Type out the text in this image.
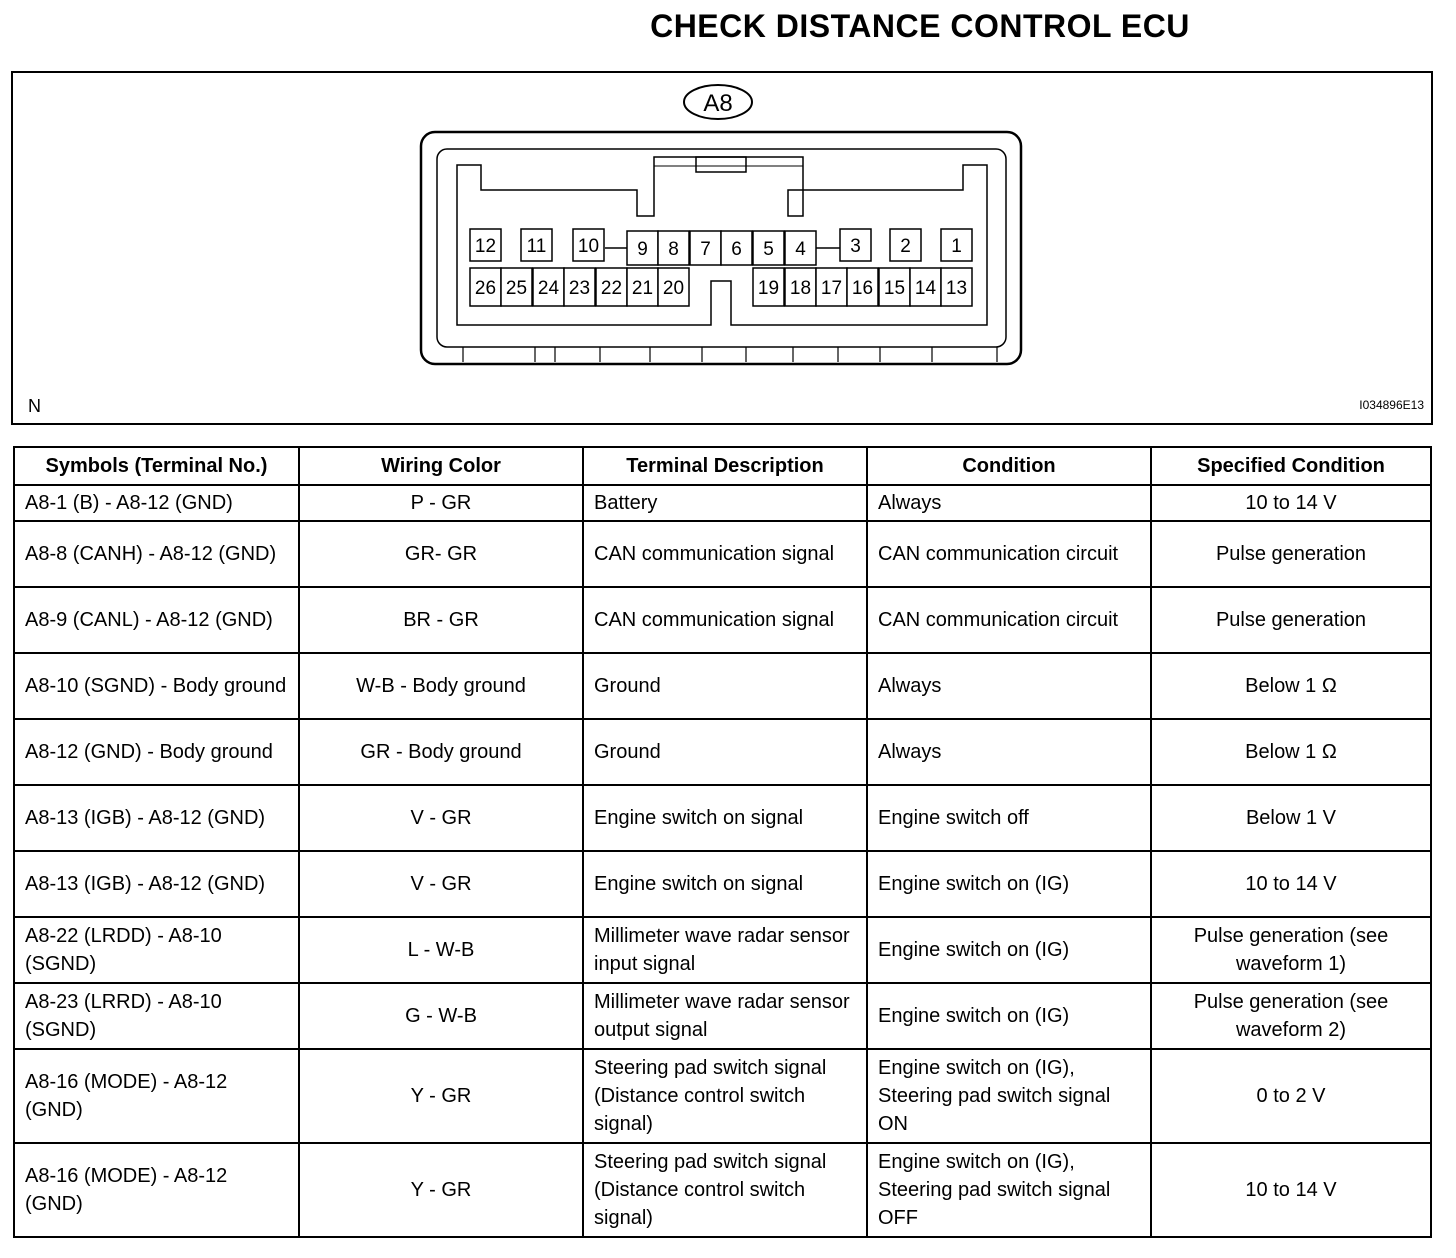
CHECK DISTANCE CONTROL ECU
A8
12 11 10 9 8 7 6 5 4 3 2 1
26 25 24 23 22 21 20	19 18 17 16 15 14 13
N	I034896E13
Symbols (Terminal No.)	Wiring Color	Terminal Description	Condition	Specified Condition
A8-1 (B) - A8-12 (GND)	P - GR	Battery	Always	10 to 14 V
A8-8 (CANH) - A8-12 (GND)	GR- GR	CAN communication signal	CAN communication circuit	Pulse generation
A8-9 (CANL) - A8-12 (GND)	BR - GR	CAN communication signal	CAN communication circuit	Pulse generation
A8-10 (SGND) - Body ground	W-B - Body ground	Ground	Always	Below 1 Ω
A8-12 (GND) - Body ground	GR - Body ground	Ground	Always	Below 1 Ω
A8-13 (IGB) - A8-12 (GND)	V - GR	Engine switch on signal	Engine switch off	Below 1 V
A8-13 (IGB) - A8-12 (GND)	V - GR	Engine switch on signal	Engine switch on (IG)	10 to 14 V
A8-22 (LRDD) - A8-10 (SGND)	L - W-B	Millimeter wave radar sensor input signal	Engine switch on (IG)	Pulse generation (see waveform 1)
A8-23 (LRRD) - A8-10 (SGND)	G - W-B	Millimeter wave radar sensor output signal	Engine switch on (IG)	Pulse generation (see waveform 2)
A8-16 (MODE) - A8-12 (GND)	Y - GR	Steering pad switch signal (Distance control switch signal)	Engine switch on (IG), Steering pad switch signal ON	0 to 2 V
A8-16 (MODE) - A8-12 (GND)	Y - GR	Steering pad switch signal (Distance control switch signal)	Engine switch on (IG), Steering pad switch signal OFF	10 to 14 V
